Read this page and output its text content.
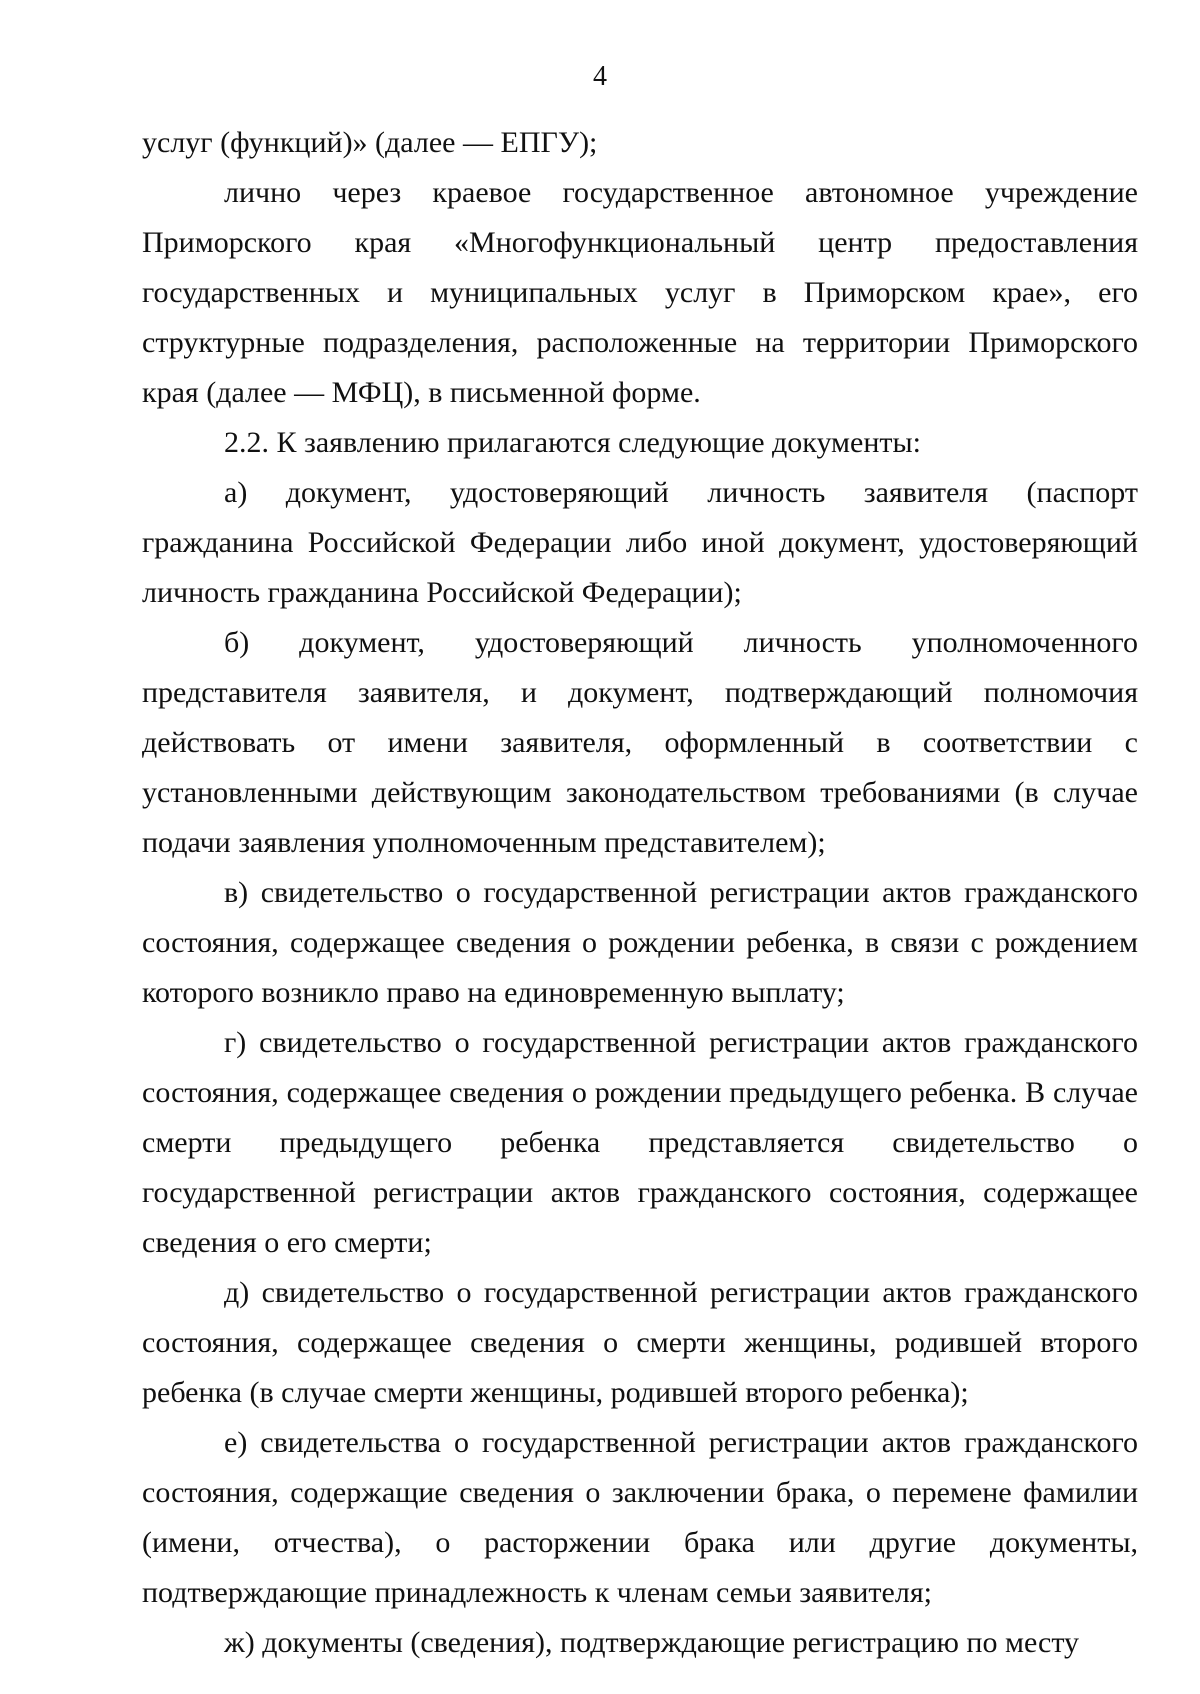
4

услуг (функций)» (далее — ЕПГУ);

лично через краевое государственное автономное учреждение Приморского края «Многофункциональный центр предоставления государственных и муниципальных услуг в Приморском крае», его структурные подразделения, расположенные на территории Приморского края (далее — МФЦ), в письменной форме.

2.2. К заявлению прилагаются следующие документы:

а) документ, удостоверяющий личность заявителя (паспорт гражданина Российской Федерации либо иной документ, удостоверяющий личность гражданина Российской Федерации);

б) документ, удостоверяющий личность уполномоченного представителя заявителя, и документ, подтверждающий полномочия действовать от имени заявителя, оформленный в соответствии с установленными действующим законодательством требованиями (в случае подачи заявления уполномоченным представителем);

в) свидетельство о государственной регистрации актов гражданского состояния, содержащее сведения о рождении ребенка, в связи с рождением которого возникло право на единовременную выплату;

г) свидетельство о государственной регистрации актов гражданского состояния, содержащее сведения о рождении предыдущего ребенка. В случае смерти предыдущего ребенка представляется свидетельство о государственной регистрации актов гражданского состояния, содержащее сведения о его смерти;

д) свидетельство о государственной регистрации актов гражданского состояния, содержащее сведения о смерти женщины, родившей второго ребенка (в случае смерти женщины, родившей второго ребенка);

е) свидетельства о государственной регистрации актов гражданского состояния, содержащие сведения о заключении брака, о перемене фамилии (имени, отчества), о расторжении брака или другие документы, подтверждающие принадлежность к членам семьи заявителя;

ж) документы (сведения), подтверждающие регистрацию по месту
